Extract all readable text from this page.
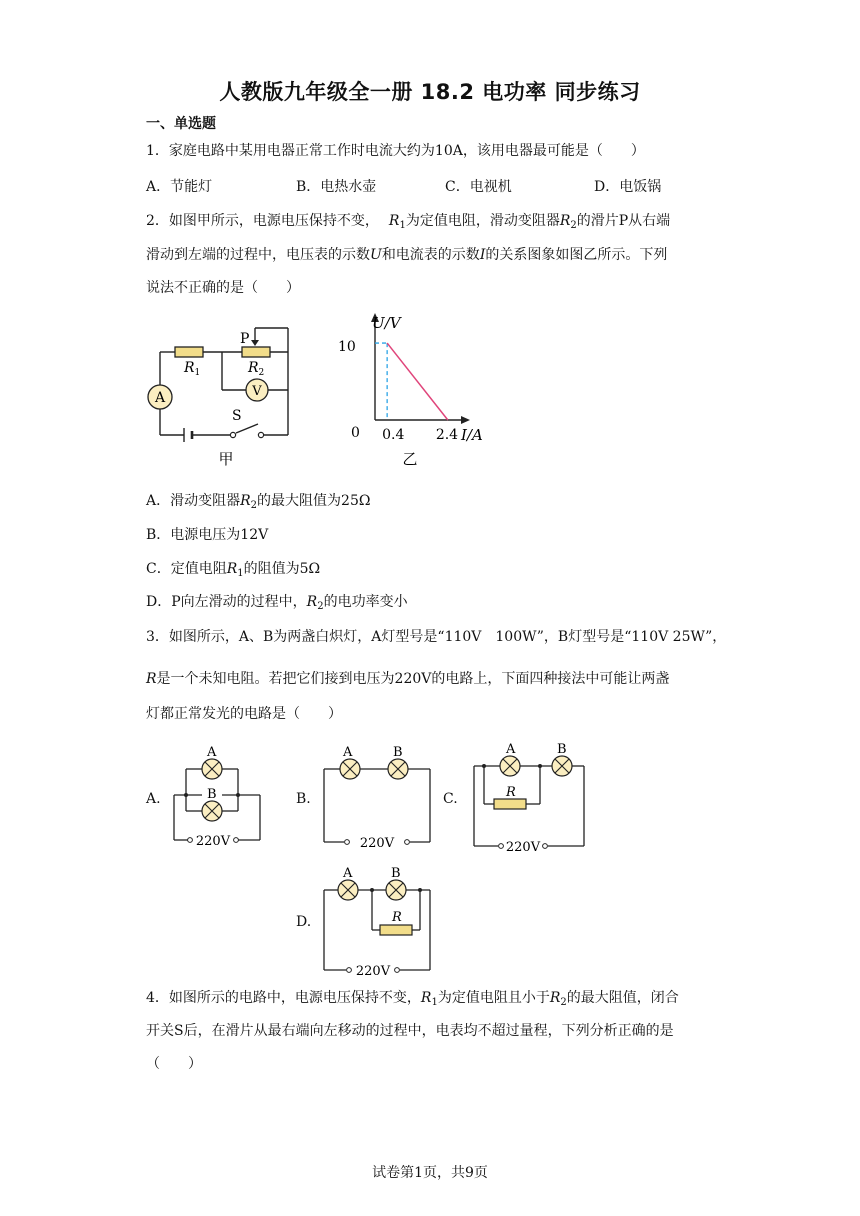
人教版九年级全一册 18.2 电功率 同步练习
一、单选题
1．家庭电路中某用电器正常工作时电流大约为10A，该用电器最可能是（　　）
A．节能灯	B．电热水壶	C．电视机	D．电饭锅
2．如图甲所示，电源电压保持不变， $R_1$为定值电阻，滑动变阻器$R_2$的滑片P从右端
滑动到左端的过程中，电压表的示数U和电流表的示数I的关系图象如图乙所示。下列
说法不正确的是（　　）
A	V
P
$R_1$	$R_2$
S
甲
U/V
I/A
0
10
0.4 2.4
乙
A．滑动变阻器$R_2$的最大阻值为25Ω
B．电源电压为12V
C．定值电阻$R_1$的阻值为5Ω
D．P向左滑动的过程中，$R_2$的电功率变小
3．如图所示，A、B为两盏白炽灯，A灯型号是“110V　100W”，B灯型号是“110V 25W”，
R是一个未知电阻。若把它们接到电压为220V的电路上，下面四种接法中可能让两盏
灯都正常发光的电路是（　　）
A.	B.	C.
D.
A
B
220V
A	B
220V
A	B
R
220V
A	B
R
220V
4．如图所示的电路中，电源电压保持不变，$R_1$为定值电阻且小于$R_2$的最大阻值，闭合
开关S后，在滑片从最右端向左移动的过程中，电表均不超过量程，下列分析正确的是
（　　）
试卷第1页，共9页
